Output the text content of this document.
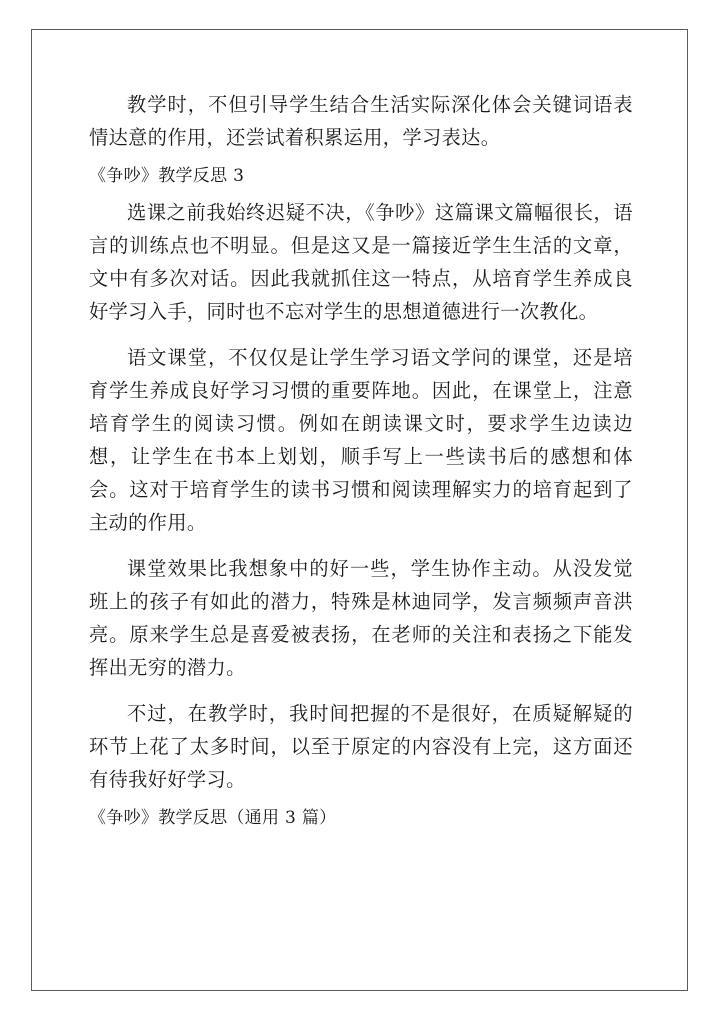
教学时，不但引导学生结合生活实际深化体会关键词语表情达意的作用，还尝试着积累运用，学习表达。

《争吵》教学反思 3

选课之前我始终迟疑不决，《争吵》这篇课文篇幅很长，语言的训练点也不明显。但是这又是一篇接近学生生活的文章，文中有多次对话。因此我就抓住这一特点，从培育学生养成良好学习入手，同时也不忘对学生的思想道德进行一次教化。

语文课堂，不仅仅是让学生学习语文学问的课堂，还是培育学生养成良好学习习惯的重要阵地。因此，在课堂上，注意培育学生的阅读习惯。例如在朗读课文时，要求学生边读边想，让学生在书本上划划，顺手写上一些读书后的感想和体会。这对于培育学生的读书习惯和阅读理解实力的培育起到了主动的作用。

课堂效果比我想象中的好一些，学生协作主动。从没发觉班上的孩子有如此的潜力，特殊是林迪同学，发言频频声音洪亮。原来学生总是喜爱被表扬，在老师的关注和表扬之下能发挥出无穷的潜力。

不过，在教学时，我时间把握的不是很好，在质疑解疑的环节上花了太多时间，以至于原定的内容没有上完，这方面还有待我好好学习。

《争吵》教学反思（通用 3 篇）
